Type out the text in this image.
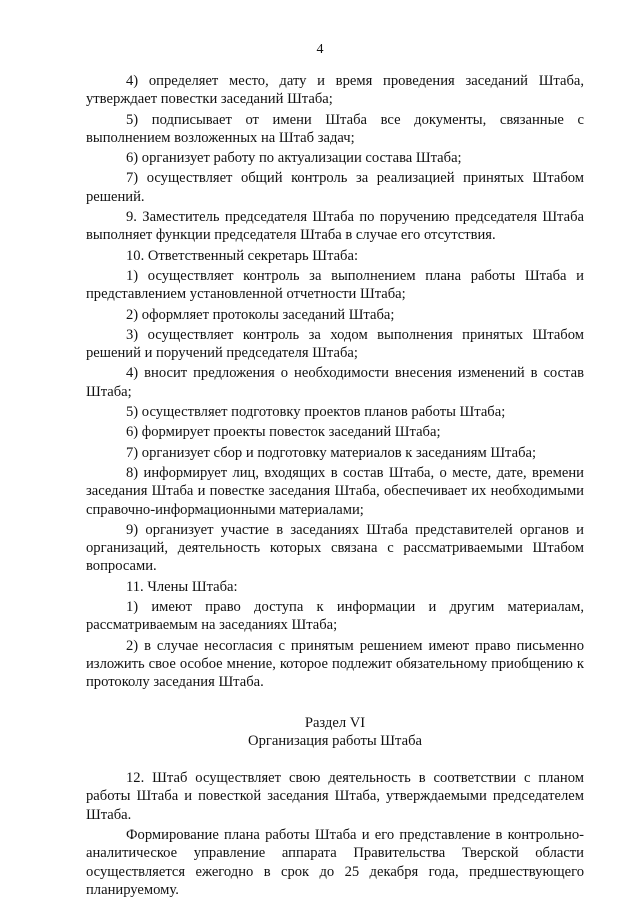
4

4) определяет место, дату и время проведения заседаний Штаба, утверждает повестки заседаний Штаба;

5) подписывает от имени Штаба все документы, связанные с выполнением возложенных на Штаб задач;

6) организует работу по актуализации состава Штаба;

7) осуществляет общий контроль за реализацией принятых Штабом решений.

9. Заместитель председателя Штаба по поручению председателя Штаба выполняет функции председателя Штаба в случае его отсутствия.

10. Ответственный секретарь Штаба:

1) осуществляет контроль за выполнением плана работы Штаба и представлением установленной отчетности Штаба;

2) оформляет протоколы заседаний Штаба;

3) осуществляет контроль за ходом выполнения принятых Штабом решений и поручений председателя Штаба;

4) вносит предложения о необходимости внесения изменений в состав Штаба;

5) осуществляет подготовку проектов планов работы Штаба;

6) формирует проекты повесток заседаний Штаба;

7) организует сбор и подготовку материалов к заседаниям Штаба;

8) информирует лиц, входящих в состав Штаба, о месте, дате, времени заседания Штаба и повестке заседания Штаба, обеспечивает их необходимыми справочно-информационными материалами;

9) организует участие в заседаниях Штаба представителей органов и организаций, деятельность которых связана с рассматриваемыми Штабом вопросами.

11. Члены Штаба:

1) имеют право доступа к информации и другим материалам, рассматриваемым на заседаниях Штаба;

2) в случае несогласия с принятым решением имеют право письменно изложить свое особое мнение, которое подлежит обязательному приобщению к протоколу заседания Штаба.

Раздел VI

Организация работы Штаба

12. Штаб осуществляет свою деятельность в соответствии с планом работы Штаба и повесткой заседания Штаба, утверждаемыми председателем Штаба.

Формирование плана работы Штаба и его представление в контрольно-аналитическое управление аппарата Правительства Тверской области осуществляется ежегодно в срок до 25 декабря года, предшествующего планируемому.
